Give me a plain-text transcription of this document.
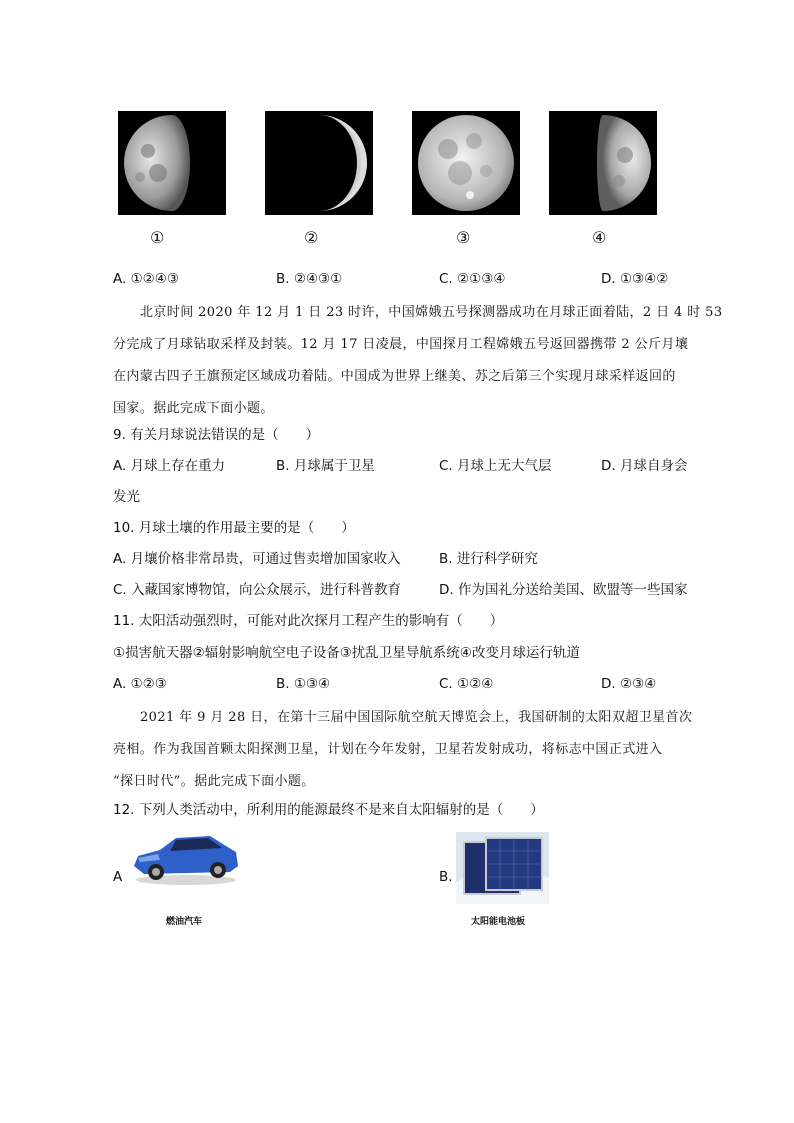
①	②	③	④
A. ①②④③	B. ②④③①	C. ②①③④	D. ①③④②
北京时间 2020 年 12 月 1 日 23 时许，中国嫦娥五号探测器成功在月球正面着陆，2 日 4 时 53
分完成了月球钻取采样及封装。12 月 17 日凌晨，中国探月工程嫦娥五号返回器携带 2 公斤月壤
在内蒙古四子王旗预定区域成功着陆。中国成为世界上继美、苏之后第三个实现月球采样返回的
国家。据此完成下面小题。
9. 有关月球说法错误的是（　　）
A. 月球上存在重力	B. 月球属于卫星	C. 月球上无大气层	D. 月球自身会
发光
10. 月球土壤的作用最主要的是（　　）
A. 月壤价格非常昂贵，可通过售卖增加国家收入	B. 进行科学研究
C. 入藏国家博物馆，向公众展示，进行科普教育	D. 作为国礼分送给美国、欧盟等一些国家
11. 太阳活动强烈时，可能对此次探月工程产生的影响有（　　）
①损害航天器②辐射影响航空电子设备③扰乱卫星导航系统④改变月球运行轨道
A. ①②③	B. ①③④	C. ①②④	D. ②③④
2021 年 9 月 28 日，在第十三届中国国际航空航天博览会上，我国研制的太阳双超卫星首次
亮相。作为我国首颗太阳探测卫星，计划在今年发射，卫星若发射成功，将标志中国正式进入
“探日时代”。据此完成下面小题。
12. 下列人类活动中，所利用的能源最终不是来自太阳辐射的是（　　）
A
燃油汽车
B.
太阳能电池板
